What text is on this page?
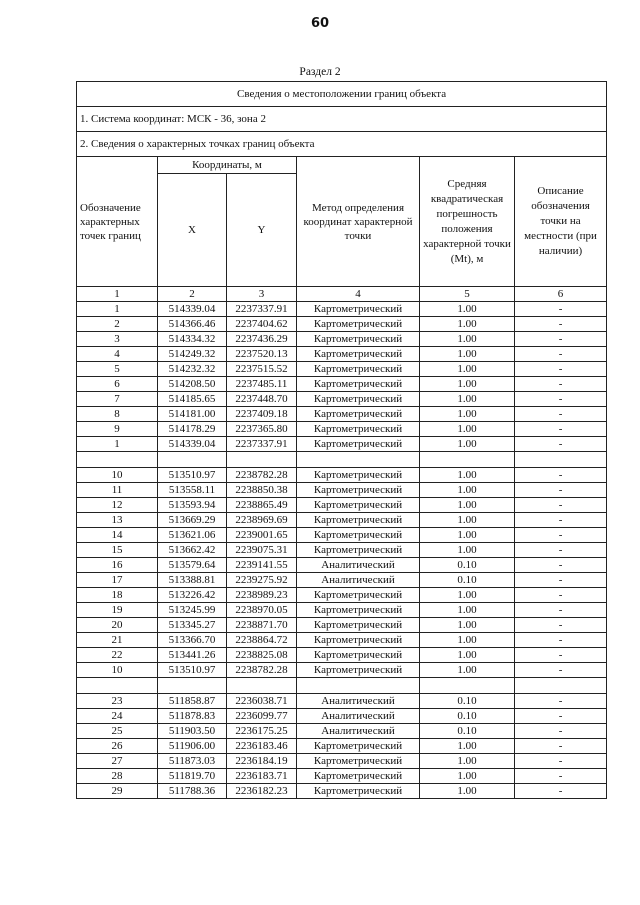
60
Раздел 2
Сведения о местоположении границ объекта					
1. Система координат: МСК - 36, зона 2					
2. Сведения о характерных точках границ объекта					
Обозначение характерных точек границ	Координаты, м		Метод определения координат характерной точки	Средняя квадратическая погрешность положения характерной точки (Mt), м	Описание обозначения точки на местности (при наличии)
	X	Y			
1	2	3	4	5	6
1	514339.04	2237337.91	Картометрический	1.00	-
2	514366.46	2237404.62	Картометрический	1.00	-
3	514334.32	2237436.29	Картометрический	1.00	-
4	514249.32	2237520.13	Картометрический	1.00	-
5	514232.32	2237515.52	Картометрический	1.00	-
6	514208.50	2237485.11	Картометрический	1.00	-
7	514185.65	2237448.70	Картометрический	1.00	-
8	514181.00	2237409.18	Картометрический	1.00	-
9	514178.29	2237365.80	Картометрический	1.00	-
1	514339.04	2237337.91	Картометрический	1.00	-

10	513510.97	2238782.28	Картометрический	1.00	-
11	513558.11	2238850.38	Картометрический	1.00	-
12	513593.94	2238865.49	Картометрический	1.00	-
13	513669.29	2238969.69	Картометрический	1.00	-
14	513621.06	2239001.65	Картометрический	1.00	-
15	513662.42	2239075.31	Картометрический	1.00	-
16	513579.64	2239141.55	Аналитический	0.10	-
17	513388.81	2239275.92	Аналитический	0.10	-
18	513226.42	2238989.23	Картометрический	1.00	-
19	513245.99	2238970.05	Картометрический	1.00	-
20	513345.27	2238871.70	Картометрический	1.00	-
21	513366.70	2238864.72	Картометрический	1.00	-
22	513441.26	2238825.08	Картометрический	1.00	-
10	513510.97	2238782.28	Картометрический	1.00	-

23	511858.87	2236038.71	Аналитический	0.10	-
24	511878.83	2236099.77	Аналитический	0.10	-
25	511903.50	2236175.25	Аналитический	0.10	-
26	511906.00	2236183.46	Картометрический	1.00	-
27	511873.03	2236184.19	Картометрический	1.00	-
28	511819.70	2236183.71	Картометрический	1.00	-
29	511788.36	2236182.23	Картометрический	1.00	-
